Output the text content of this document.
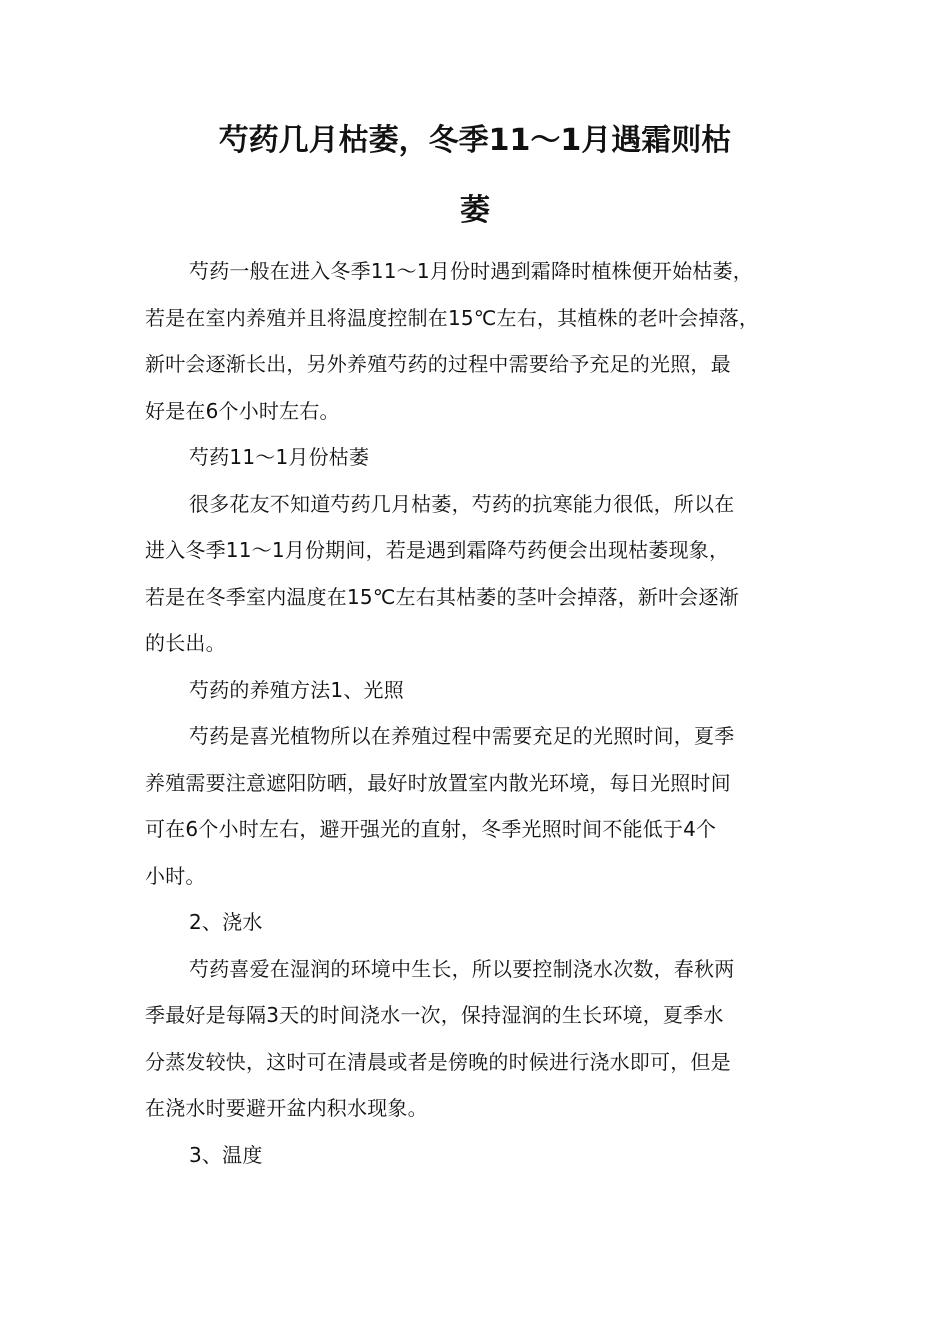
芍药几月枯萎，冬季11～1月遇霜则枯
萎

芍药一般在进入冬季11～1月份时遇到霜降时植株便开始枯萎，
若是在室内养殖并且将温度控制在15℃左右，其植株的老叶会掉落，
新叶会逐渐长出，另外养殖芍药的过程中需要给予充足的光照，最
好是在6个小时左右。

芍药11～1月份枯萎

很多花友不知道芍药几月枯萎，芍药的抗寒能力很低，所以在
进入冬季11～1月份期间，若是遇到霜降芍药便会出现枯萎现象，
若是在冬季室内温度在15℃左右其枯萎的茎叶会掉落，新叶会逐渐
的长出。

芍药的养殖方法1、光照

芍药是喜光植物所以在养殖过程中需要充足的光照时间，夏季
养殖需要注意遮阳防晒，最好时放置室内散光环境，每日光照时间
可在6个小时左右，避开强光的直射，冬季光照时间不能低于4个
小时。

2、浇水

芍药喜爱在湿润的环境中生长，所以要控制浇水次数，春秋两
季最好是每隔3天的时间浇水一次，保持湿润的生长环境，夏季水
分蒸发较快，这时可在清晨或者是傍晚的时候进行浇水即可，但是
在浇水时要避开盆内积水现象。

3、温度
